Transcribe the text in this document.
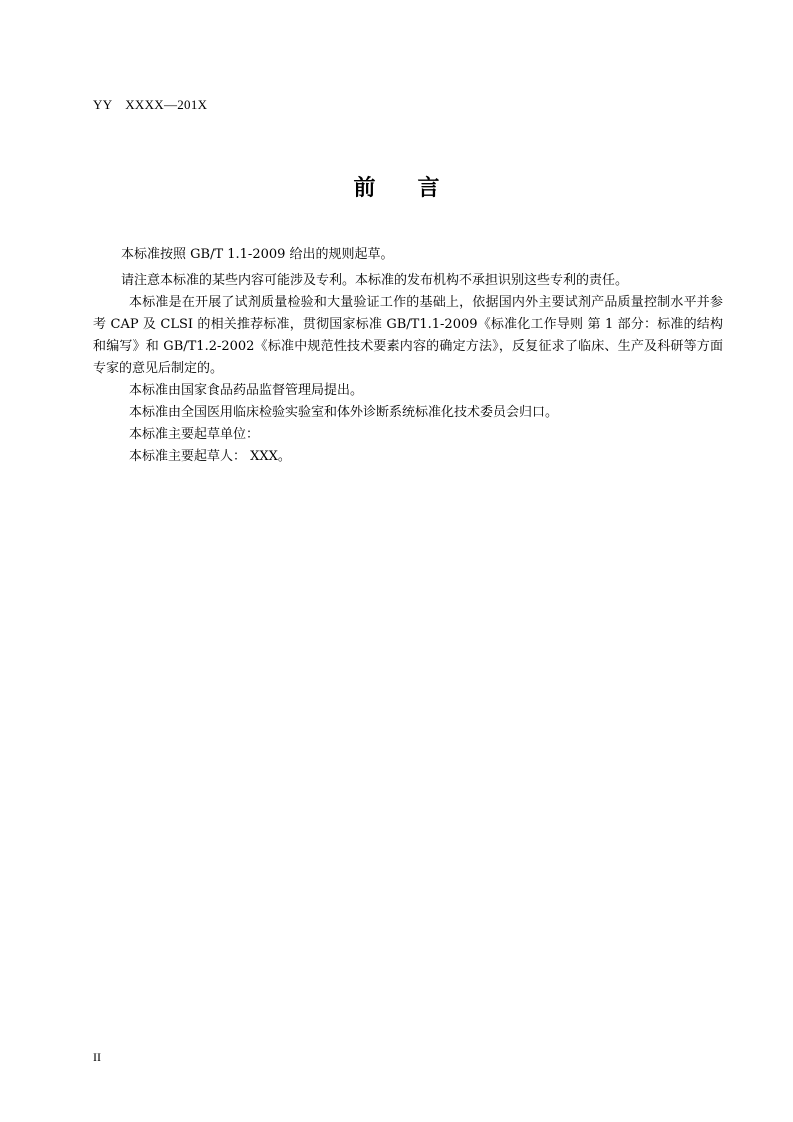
YY　XXXX—201X
前 言

本标准按照 GB/T 1.1-2009 给出的规则起草。

请注意本标准的某些内容可能涉及专利。本标准的发布机构不承担识别这些专利的责任。

本标准是在开展了试剂质量检验和大量验证工作的基础上，依据国内外主要试剂产品质量控制水平并参考 CAP 及 CLSI 的相关推荐标准，贯彻国家标准 GB/T1.1-2009《标准化工作导则 第 1 部分：标准的结构和编写》和 GB/T1.2-2002《标准中规范性技术要素内容的确定方法》，反复征求了临床、生产及科研等方面专家的意见后制定的。

本标准由国家食品药品监督管理局提出。

本标准由全国医用临床检验实验室和体外诊断系统标准化技术委员会归口。

本标准主要起草单位：

本标准主要起草人： XXX。

II
